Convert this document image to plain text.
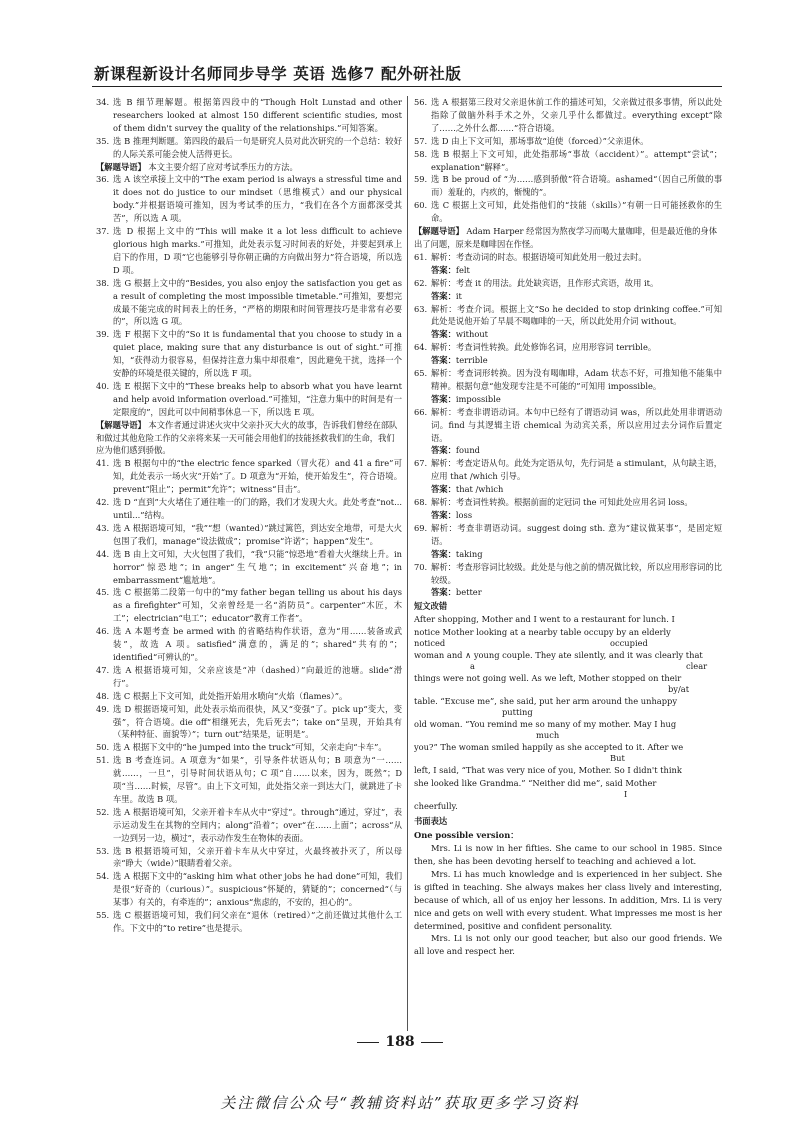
新课程新设计名师同步导学 英语 选修7 配外研社版
34. 选 B 细节理解题。根据第四段中的“Though Holt Lunstad and other researchers looked at almost 150 different scientific studies, most of them didn't survey the quality of the relationships.”可知答案。
35. 选 B 推理判断题。第四段的最后一句是研究人员对此次研究的一个总结：较好的人际关系可能会使人活得更长。
【解题导语】 本文主要介绍了应对考试季压力的方法。
36. 选 A 该空承接上文中的“The exam period is always a stressful time and it does not do justice to our mindset（思维模式）and our physical body.”并根据语境可推知，因为考试季的压力，“我们在各个方面都深受其苦”，所以选 A 项。
37. 选 D 根据上文中的“This will make it a lot less difficult to achieve glorious high marks.”可推知，此处表示复习时间表的好处，并要起到承上启下的作用，D 项“它也能够引导你朝正确的方向做出努力”符合语境，所以选 D 项。
38. 选 G 根据上文中的“Besides, you also enjoy the satisfaction you get as a result of completing the most impossible timetable.”可推知，要想完成最不能完成的时间表上的任务，“严格的期限和时间管理技巧是非常有必要的”，所以选 G 项。
39. 选 F 根据下文中的“So it is fundamental that you choose to study in a quiet place, making sure that any disturbance is out of sight.”可推知，“获得动力很容易，但保持注意力集中却很难”，因此避免干扰，选择一个安静的环境是很关键的，所以选 F 项。
40. 选 E 根据下文中的“These breaks help to absorb what you have learnt and help avoid information overload.”可推知，“注意力集中的时间是有一定限度的”，因此可以中间稍事休息一下，所以选 E 项。
【解题导语】 本文作者通过讲述火灾中父亲扑灭大火的故事，告诉我们曾经在部队和做过其他危险工作的父亲将来某一天可能会用他们的技能拯救我们的生命，我们应为他们感到骄傲。
41. 选 B 根据句中的“the electric fence sparked（冒火花）and 41 a fire”可知，此处表示一场火灾“开始”了。D 项意为“开始，使开始发生”，符合语境。prevent“阻止”；permit“允许”；witness“目击”。
42. 选 D “直到”大火堵住了通往唯一的门的路，我们才发现大火。此处考查“not... until...”结构。
43. 选 A 根据语境可知，“我”“想（wanted）”跳过篱笆，到达安全地带，可是大火包围了我们，manage“设法做成”；promise“许诺”；happen“发生”。
44. 选 B 由上文可知，大火包围了我们，“我”只能“惊恐地”看着大火继续上升。in horror“惊恐地”；in anger“生气地”；in excitement“兴奋地”；in embarrassment“尴尬地”。
45. 选 C 根据第二段第一句中的“my father began telling us about his days as a firefighter”可知，父亲曾经是一名“消防员”。carpenter“木匠，木工”；electrician“电工”；educator“教育工作者”。
46. 选 A 本题考查 be armed with 的省略结构作状语，意为“用……装备或武装”，故选 A 项。satisfied“满意的，满足的”；shared“共有的”；identified“可辨认的”。
47. 选 A 根据语境可知，父亲应该是“冲（dashed）”向最近的池塘。slide“滑行”。
48. 选 C 根据上下文可知，此处指开始用水喷向“火焰（flames）”。
49. 选 D 根据语境可知，此处表示焰而很快，风又“变强”了。pick up“变大，变强”，符合语境。die off“相继死去，先后死去”；take on“呈现，开始具有（某种特征、面貌等）”；turn out“结果是，证明是”。
50. 选 A 根据下文中的“he jumped into the truck”可知，父亲走向“卡车”。
51. 选 B 考查连词。A 项意为“如果”，引导条件状语从句；B 项意为“一……就……，一旦”，引导时间状语从句；C 项“自……以来，因为，既然”；D 项“当……时候，尽管”。由上下文可知，此处指父亲一到达大门，就跳进了卡车里。故选 B 项。
52. 选 A 根据语境可知，父亲开着卡车从火中“穿过”。through“通过，穿过”，表示运动发生在其物的空间内；along“沿着”；over“在……上面”；across“从一边到另一边，横过”，表示动作发生在物体的表面。
53. 选 B 根据语境可知，父亲开着卡车从火中穿过，火最终被扑灭了，所以母亲“睁大（wide）”眼睛看着父亲。
54. 选 A 根据下文中的“asking him what other jobs he had done”可知，我们是很“好奇的（curious）”。suspicious“怀疑的，猜疑的”；concerned“（与某事）有关的，有牵连的”；anxious“焦虑的，不安的，担心的”。
55. 选 C 根据语境可知，我们问父亲在“退休（retired）”之前还做过其他什么工作。下文中的“to retire”也是提示。
56. 选 A 根据第三段对父亲退休前工作的描述可知，父亲做过很多事情，所以此处指除了做脑外科手术之外，父亲几乎什么都做过。everything except“除了……之外什么都……”符合语境。
57. 选 D 由上下文可知，那场事故“迫使（forced）”父亲退休。
58. 选 B 根据上下文可知，此处指那场“事故（accident）”。attempt“尝试”；explanation“解释”。
59. 选 B be proud of “为……感到骄傲”符合语境。ashamed“（因自己所做的事而）羞耻的，内疚的，惭愧的”。
60. 选 C 根据上文可知，此处指他们的“技能（skills）”有朝一日可能拯救你的生命。
【解题导语】 Adam Harper 经常因为熬夜学习而喝大量咖啡，但是最近他的身体出了问题，原来是咖啡因在作怪。
61. 解析：考查动词的时态。根据语境可知此处用一般过去时。
答案：felt
62. 解析：考查 it 的用法。此处缺宾语，且作形式宾语，故用 it。
答案：it
63. 解析：考查介词。根据上文“So he decided to stop drinking coffee.”可知此处是说他开始了早晨不喝咖啡的一天，所以此处用介词 without。
答案：without
64. 解析：考查词性转换。此处修饰名词，应用形容词 terrible。
答案：terrible
65. 解析：考查词形转换。因为没有喝咖啡，Adam 状态不好，可推知他不能集中精神。根据句意“他发现专注是不可能的”可知用 impossible。
答案：impossible
66. 解析：考查非谓语动词。本句中已经有了谓语动词 was，所以此处用非谓语动词。find 与其逻辑主语 chemical 为动宾关系，所以应用过去分词作后置定语。
答案：found
67. 解析：考查定语从句。此处为定语从句，先行词是 a stimulant，从句缺主语，应用 that /which 引导。
答案：that /which
68. 解析：考查词性转换。根据前面的定冠词 the 可知此处应用名词 loss。
答案：loss
69. 解析：考查非谓语动词。suggest doing sth. 意为“建议做某事”，是固定短语。
答案：taking
70. 解析：考查形容词比较级。此处是与他之前的情况做比较，所以应用形容词的比较级。
答案：better
短文改错
After shopping, Mother and I went to a restaurant for lunch. I
notice Mother looking at a nearby table occupy by an elderly
noticed	occupied
woman and ∧ young couple. They ate silently, and it was clearly that
a	clear
things were not going well. As we left, Mother stopped on their
by/at
table. “Excuse me”, she said, put her arm around the unhappy
putting
old woman. “You remind me so many of my mother. May I hug
much
you?” The woman smiled happily as she accepted to it. After we
But
left, I said, “That was very nice of you, Mother. So I didn't think
she looked like Grandma.” “Neither did me”, said Mother
I
cheerfully.
书面表达
One possible version：

Mrs. Li is now in her fifties. She came to our school in 1985. Since then, she has been devoting herself to teaching and achieved a lot.

Mrs. Li has much knowledge and is experienced in her subject. She is gifted in teaching. She always makes her class lively and interesting, because of which, all of us enjoy her lessons. In addition, Mrs. Li is very nice and gets on well with every student. What impresses me most is her determined, positive and confident personality.

Mrs. Li is not only our good teacher, but also our good friends. We all love and respect her.

188
关注微信公众号“教辅资料站”获取更多学习资料
